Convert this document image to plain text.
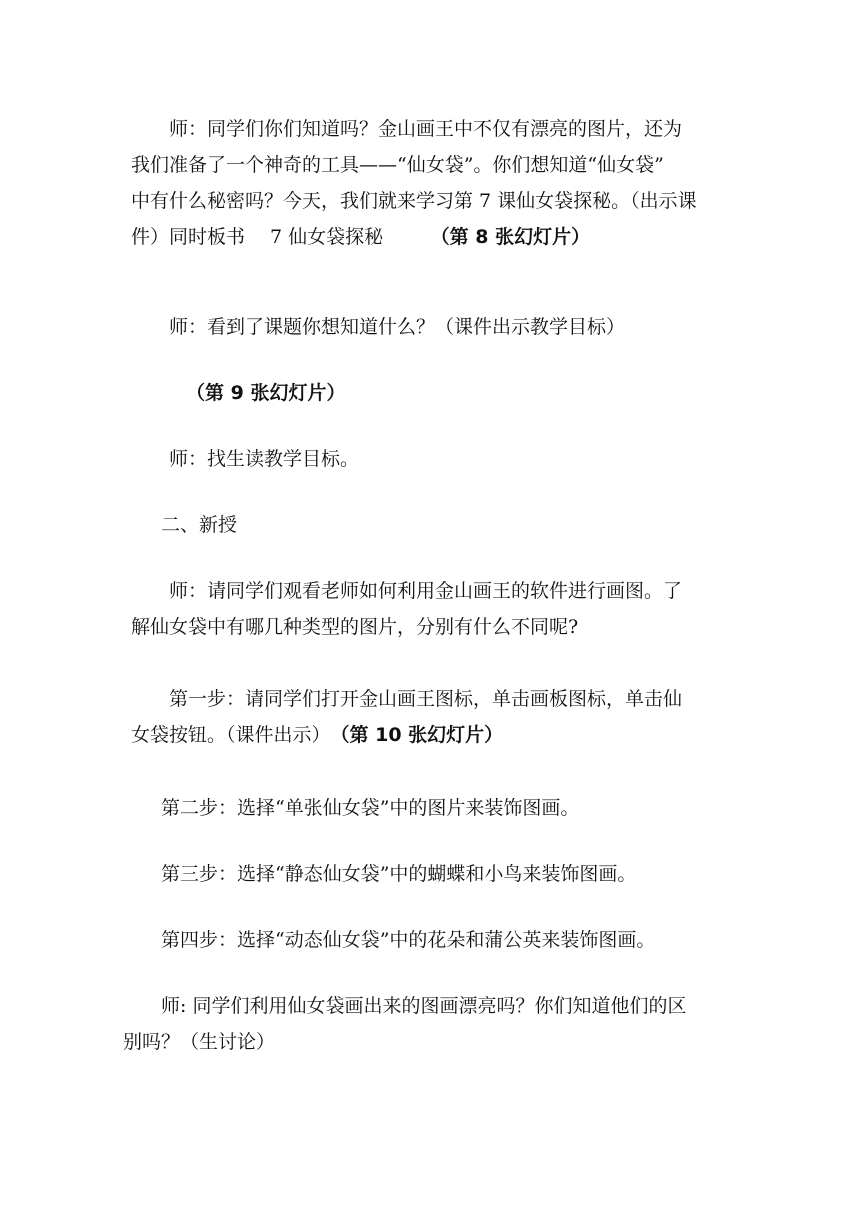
　　师：同学们你们知道吗？金山画王中不仅有漂亮的图片，还为
我们准备了一个神奇的工具——“仙女袋”。你们想知道“仙女袋”
中有什么秘密吗？今天，我们就来学习第 7 课仙女袋探秘。（出示课
件）同时板书　 7 仙女袋探秘　　　（第 8 张幻灯片）
　　师：看到了课题你想知道什么？（课件出示教学目标）
（第 9 张幻灯片）
　　师：找生读教学目标。
　　二、新授
　　师：请同学们观看老师如何利用金山画王的软件进行画图。了
解仙女袋中有哪几种类型的图片，分别有什么不同呢?
　　第一步：请同学们打开金山画王图标，单击画板图标，单击仙
女袋按钮。（课件出示）　（第 10 张幻灯片）
　　第二步：选择“单张仙女袋”中的图片来装饰图画。
　　第三步：选择“静态仙女袋”中的蝴蝶和小鸟来装饰图画。
　　第四步：选择“动态仙女袋”中的花朵和蒲公英来装饰图画。
　　师: 同学们利用仙女袋画出来的图画漂亮吗？你们知道他们的区
别吗？（生讨论）
